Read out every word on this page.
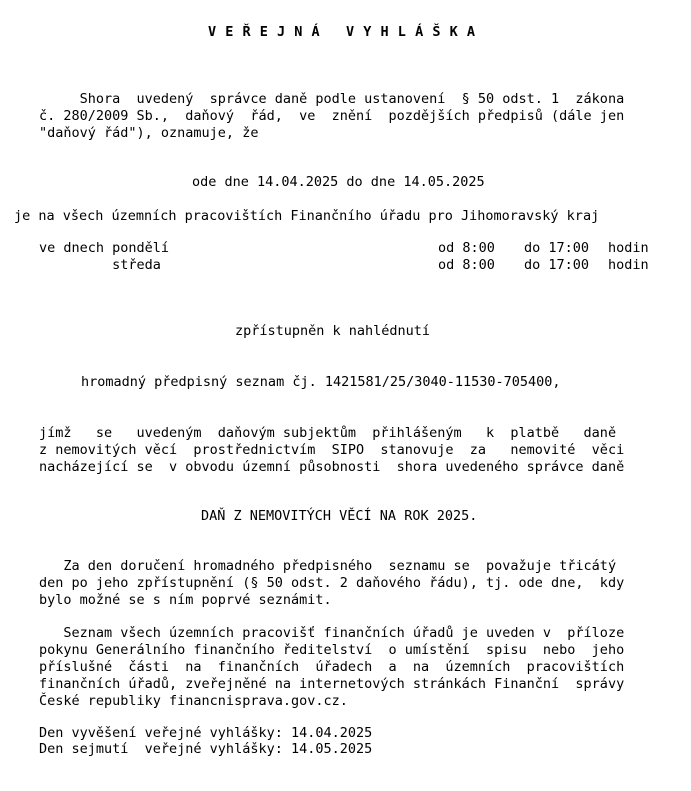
V E Ř E J N Á   V Y H L Á Š K A
Shora  uvedený  správce daně podle ustanovení  § 50 odst. 1  zákona
č. 280/2009 Sb.,  daňový  řád,  ve  znění  pozdějších předpisů (dále jen
"daňový řád"), oznamuje, že
ode dne 14.04.2025 do dne 14.05.2025
je na všech územních pracovištích Finančního úřadu pro Jihomoravský kraj
ve dnech pondělí	od 8:00 do 17:00 hodin
středa	od 8:00 do 17:00 hodin
zpřístupněn k nahlédnutí
hromadný předpisný seznam čj. 1421581/25/3040-11530-705400,
jímž   se   uvedeným  daňovým subjektům  přihlášeným   k  platbě   daně
z nemovitých věcí  prostřednictvím  SIPO  stanovuje  za   nemovité  věci
nacházející se  v obvodu územní působnosti  shora uvedeného správce daně
DAŇ Z NEMOVITÝCH VĚCÍ NA ROK 2025.
Za den doručení hromadného předpisného  seznamu se  považuje třicátý
den po jeho zpřístupnění (§ 50 odst. 2 daňového řádu), tj. ode dne,  kdy
bylo možné se s ním poprvé seznámit.
Seznam všech územních pracovišť finančních úřadů je uveden v  příloze
pokynu Generálního finančního ředitelství  o umístění  spisu  nebo  jeho
příslušné  části  na  finančních  úřadech  a  na  územních  pracovištích
finančních úřadů, zveřejněné na internetových stránkách Finanční  správy
České republiky financnisprava.gov.cz.
Den vyvěšení veřejné vyhlášky: 14.04.2025
Den sejmutí  veřejné vyhlášky: 14.05.2025
